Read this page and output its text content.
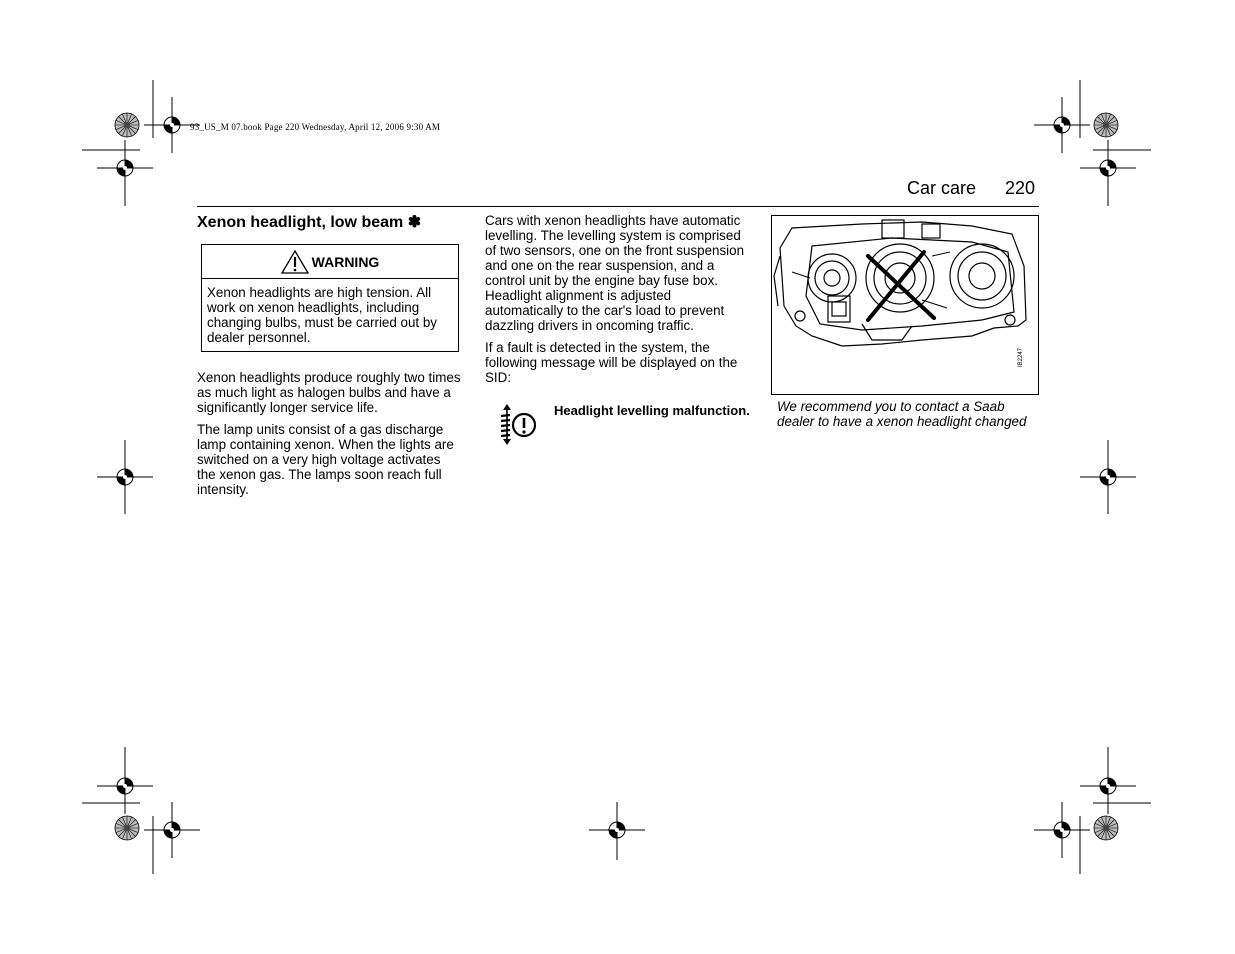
93_US_M 07.book Page 220 Wednesday, April 12, 2006 9:30 AM
Car care 220
Xenon headlight, low beam ✽
WARNING
Xenon headlights are high tension. All work on xenon headlights, including changing bulbs, must be carried out by dealer personnel.

Xenon headlights produce roughly two times as much light as halogen bulbs and have a significantly longer service life.

The lamp units consist of a gas discharge lamp containing xenon. When the lights are switched on a very high voltage activates the xenon gas. The lamps soon reach full intensity.

Cars with xenon headlights have automatic levelling. The levelling system is comprised of two sensors, one on the front suspension and one on the rear suspension, and a control unit by the engine bay fuse box. Headlight alignment is adjusted automatically to the car's load to prevent dazzling drivers in oncoming traffic.

If a fault is detected in the system, the following message will be displayed on the SID:

Headlight levelling malfunction.
IB2247
We recommend you to contact a Saab dealer to have a xenon headlight changed
